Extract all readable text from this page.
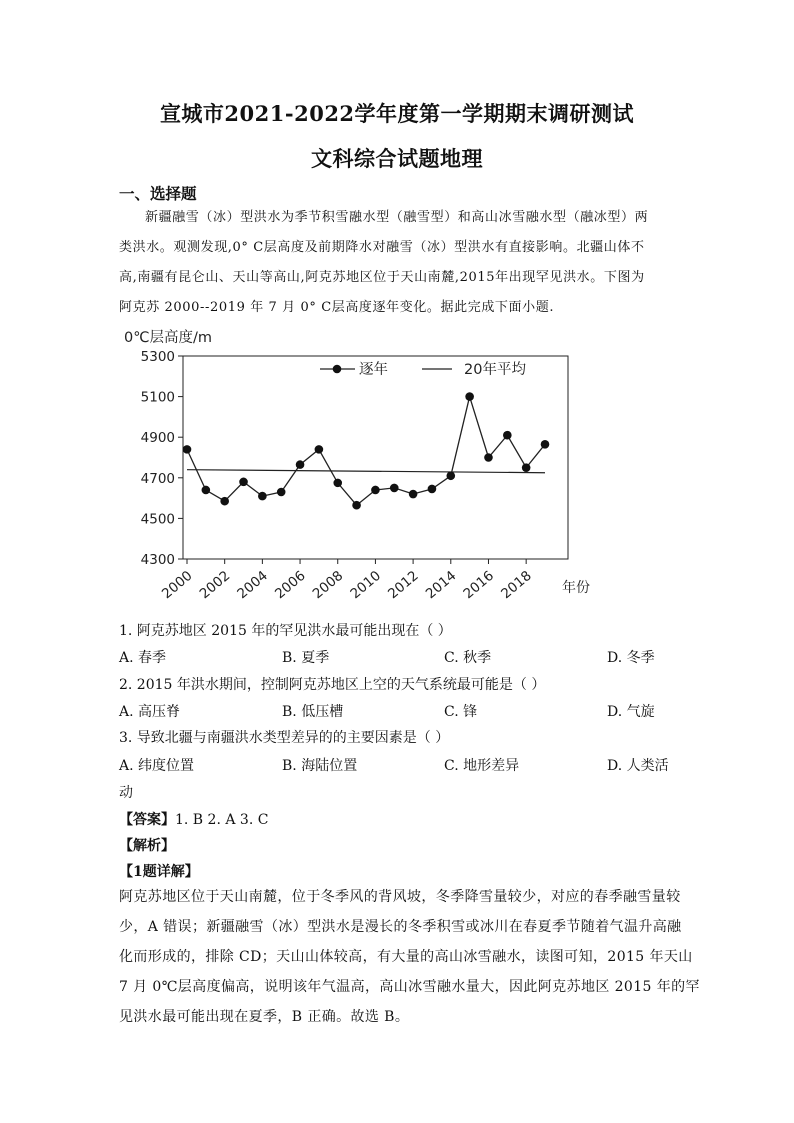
宣城市2021-2022学年度第一学期期末调研测试
文科综合试题地理
一、选择题
新疆融雪（冰）型洪水为季节积雪融水型（融雪型）和高山冰雪融水型（融冰型）两
类洪水。观测发现,0° C层高度及前期降水对融雪（冰）型洪水有直接影响。北疆山体不
高,南疆有昆仑山、天山等高山,阿克苏地区位于天山南麓,2015年出现罕见洪水。下图为
阿克苏 2000--2019 年 7 月 0° C层高度逐年变化。据此完成下面小题.
0℃层高度/m
4300
4500
4700
4900
5100
5300
2000 2002 2004 2006 2008 2010 2012 2014 2016 2018
逐年	20年平均
年份
1. 阿克苏地区 2015 年的罕见洪水最可能出现在（ ）
A. 春季	B. 夏季	C. 秋季	D. 冬季
2. 2015 年洪水期间，控制阿克苏地区上空的天气系统最可能是（ ）
A. 高压脊	B. 低压槽	C. 锋	D. 气旋
3. 导致北疆与南疆洪水类型差异的的主要因素是（ ）
A. 纬度位置	B. 海陆位置	C. 地形差异	D. 人类活
动
【答案】1. B 2. A 3. C
【解析】
【1题详解】
阿克苏地区位于天山南麓，位于冬季风的背风坡，冬季降雪量较少，对应的春季融雪量较
少，A 错误；新疆融雪（冰）型洪水是漫长的冬季积雪或冰川在春夏季节随着气温升高融
化而形成的，排除 CD；天山山体较高，有大量的高山冰雪融水，读图可知，2015 年天山
7 月 0℃层高度偏高，说明该年气温高，高山冰雪融水量大，因此阿克苏地区 2015 年的罕
见洪水最可能出现在夏季，B 正确。故选 B。
